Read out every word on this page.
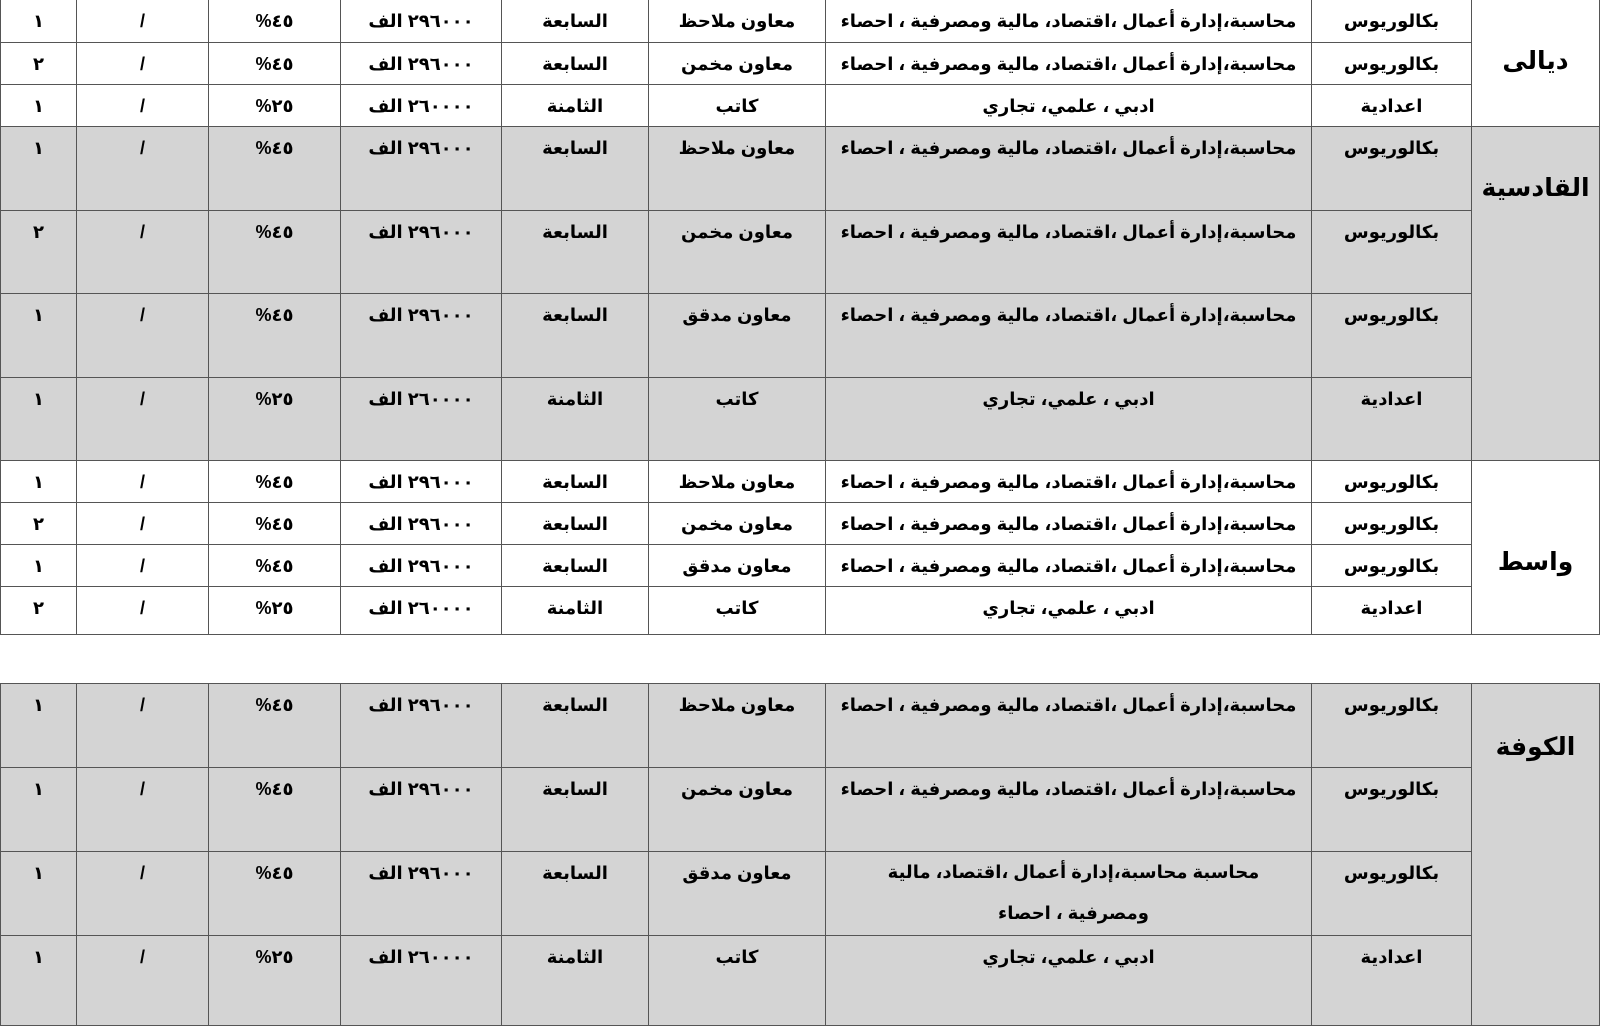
ديالى	بكالوريوس	محاسبة،إدارة أعمال ،اقتصاد، مالية ومصرفية ، احصاء	معاون ملاحظ	السابعة	٢٩٦٠٠٠ الف	٤٥%	/	١

	بكالوريوس	محاسبة،إدارة أعمال ،اقتصاد، مالية ومصرفية ، احصاء	معاون مخمن	السابعة	٢٩٦٠٠٠ الف	٤٥%	/	٢

	اعدادية	ادبي ، علمي، تجاري	كاتب	الثامنة	٢٦٠٠٠٠ الف	٢٥%	/	١

القادسية	بكالوريوس	محاسبة،إدارة أعمال ،اقتصاد، مالية ومصرفية ، احصاء	معاون ملاحظ	السابعة	٢٩٦٠٠٠ الف	٤٥%	/	١

	بكالوريوس	محاسبة،إدارة أعمال ،اقتصاد، مالية ومصرفية ، احصاء	معاون مخمن	السابعة	٢٩٦٠٠٠ الف	٤٥%	/	٢

	بكالوريوس	محاسبة،إدارة أعمال ،اقتصاد، مالية ومصرفية ، احصاء	معاون مدقق	السابعة	٢٩٦٠٠٠ الف	٤٥%	/	١

	اعدادية	ادبي ، علمي، تجاري	كاتب	الثامنة	٢٦٠٠٠٠ الف	٢٥%	/	١

واسط	بكالوريوس	محاسبة،إدارة أعمال ،اقتصاد، مالية ومصرفية ، احصاء	معاون ملاحظ	السابعة	٢٩٦٠٠٠ الف	٤٥%	/	١

	بكالوريوس	محاسبة،إدارة أعمال ،اقتصاد، مالية ومصرفية ، احصاء	معاون مخمن	السابعة	٢٩٦٠٠٠ الف	٤٥%	/	٢

	بكالوريوس	محاسبة،إدارة أعمال ،اقتصاد، مالية ومصرفية ، احصاء	معاون مدقق	السابعة	٢٩٦٠٠٠ الف	٤٥%	/	١

	اعدادية	ادبي ، علمي، تجاري	كاتب	الثامنة	٢٦٠٠٠٠ الف	٢٥%	/	٢
الكوفة	بكالوريوس	محاسبة،إدارة أعمال ،اقتصاد، مالية ومصرفية ، احصاء	معاون ملاحظ	السابعة	٢٩٦٠٠٠ الف	٤٥%	/	١

	بكالوريوس	محاسبة،إدارة أعمال ،اقتصاد، مالية ومصرفية ، احصاء	معاون مخمن	السابعة	٢٩٦٠٠٠ الف	٤٥%	/	١

	بكالوريوس	محاسبة محاسبة،إدارة أعمال ،اقتصاد، مالية ومصرفية ، احصاء	معاون مدقق	السابعة	٢٩٦٠٠٠ الف	٤٥%	/	١

	اعدادية	ادبي ، علمي، تجاري	كاتب	الثامنة	٢٦٠٠٠٠ الف	٢٥%	/	١
